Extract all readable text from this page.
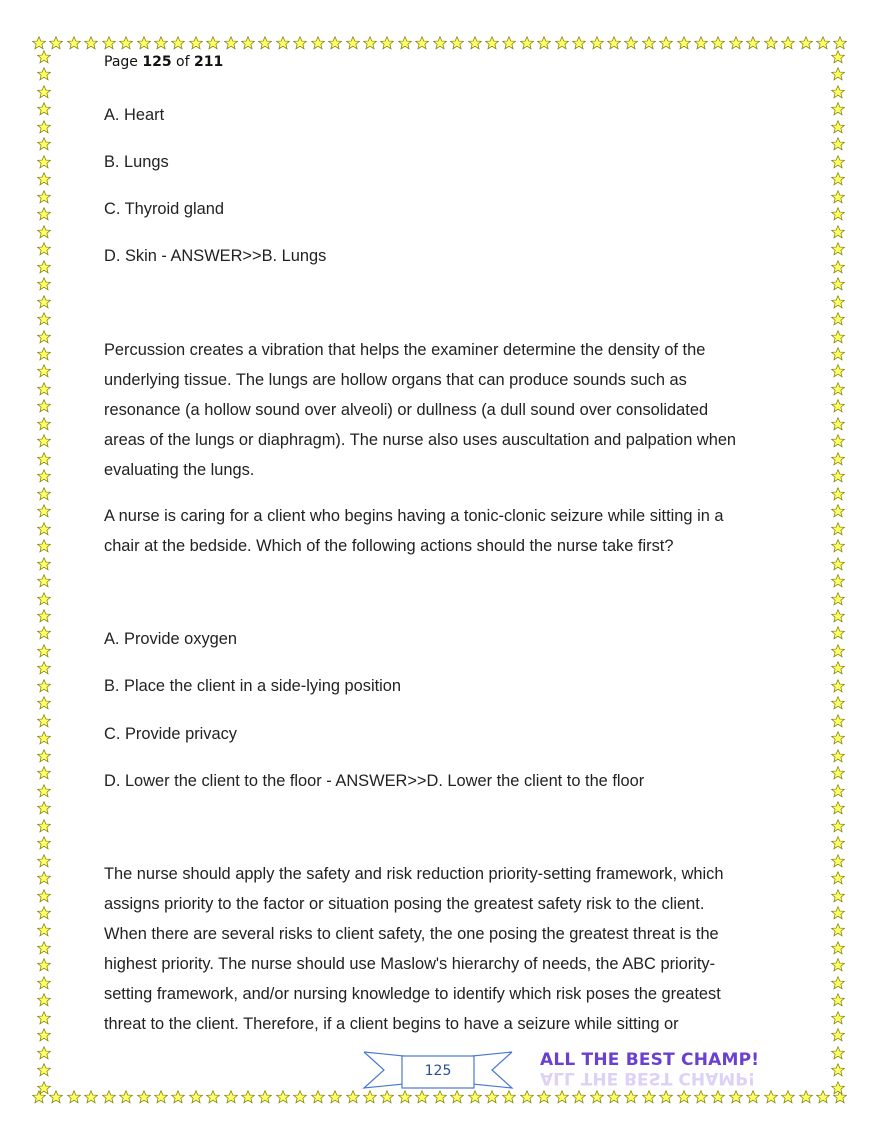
Page 125 of 211

A. Heart

B. Lungs

C. Thyroid gland

D. Skin - ANSWER>>B. Lungs

Percussion creates a vibration that helps the examiner determine the density of the
underlying tissue. The lungs are hollow organs that can produce sounds such as
resonance (a hollow sound over alveoli) or dullness (a dull sound over consolidated
areas of the lungs or diaphragm). The nurse also uses auscultation and palpation when
evaluating the lungs.
A nurse is caring for a client who begins having a tonic-clonic seizure while sitting in a
chair at the bedside. Which of the following actions should the nurse take first?

A. Provide oxygen

B. Place the client in a side-lying position

C. Provide privacy

D. Lower the client to the floor - ANSWER>>D. Lower the client to the floor

The nurse should apply the safety and risk reduction priority-setting framework, which
assigns priority to the factor or situation posing the greatest safety risk to the client.
When there are several risks to client safety, the one posing the greatest threat is the
highest priority. The nurse should use Maslow's hierarchy of needs, the ABC priority-
setting framework, and/or nursing knowledge to identify which risk poses the greatest
threat to the client. Therefore, if a client begins to have a seizure while sitting or
125
ALL THE BEST CHAMP!
ALL THE BEST CHAMP!
